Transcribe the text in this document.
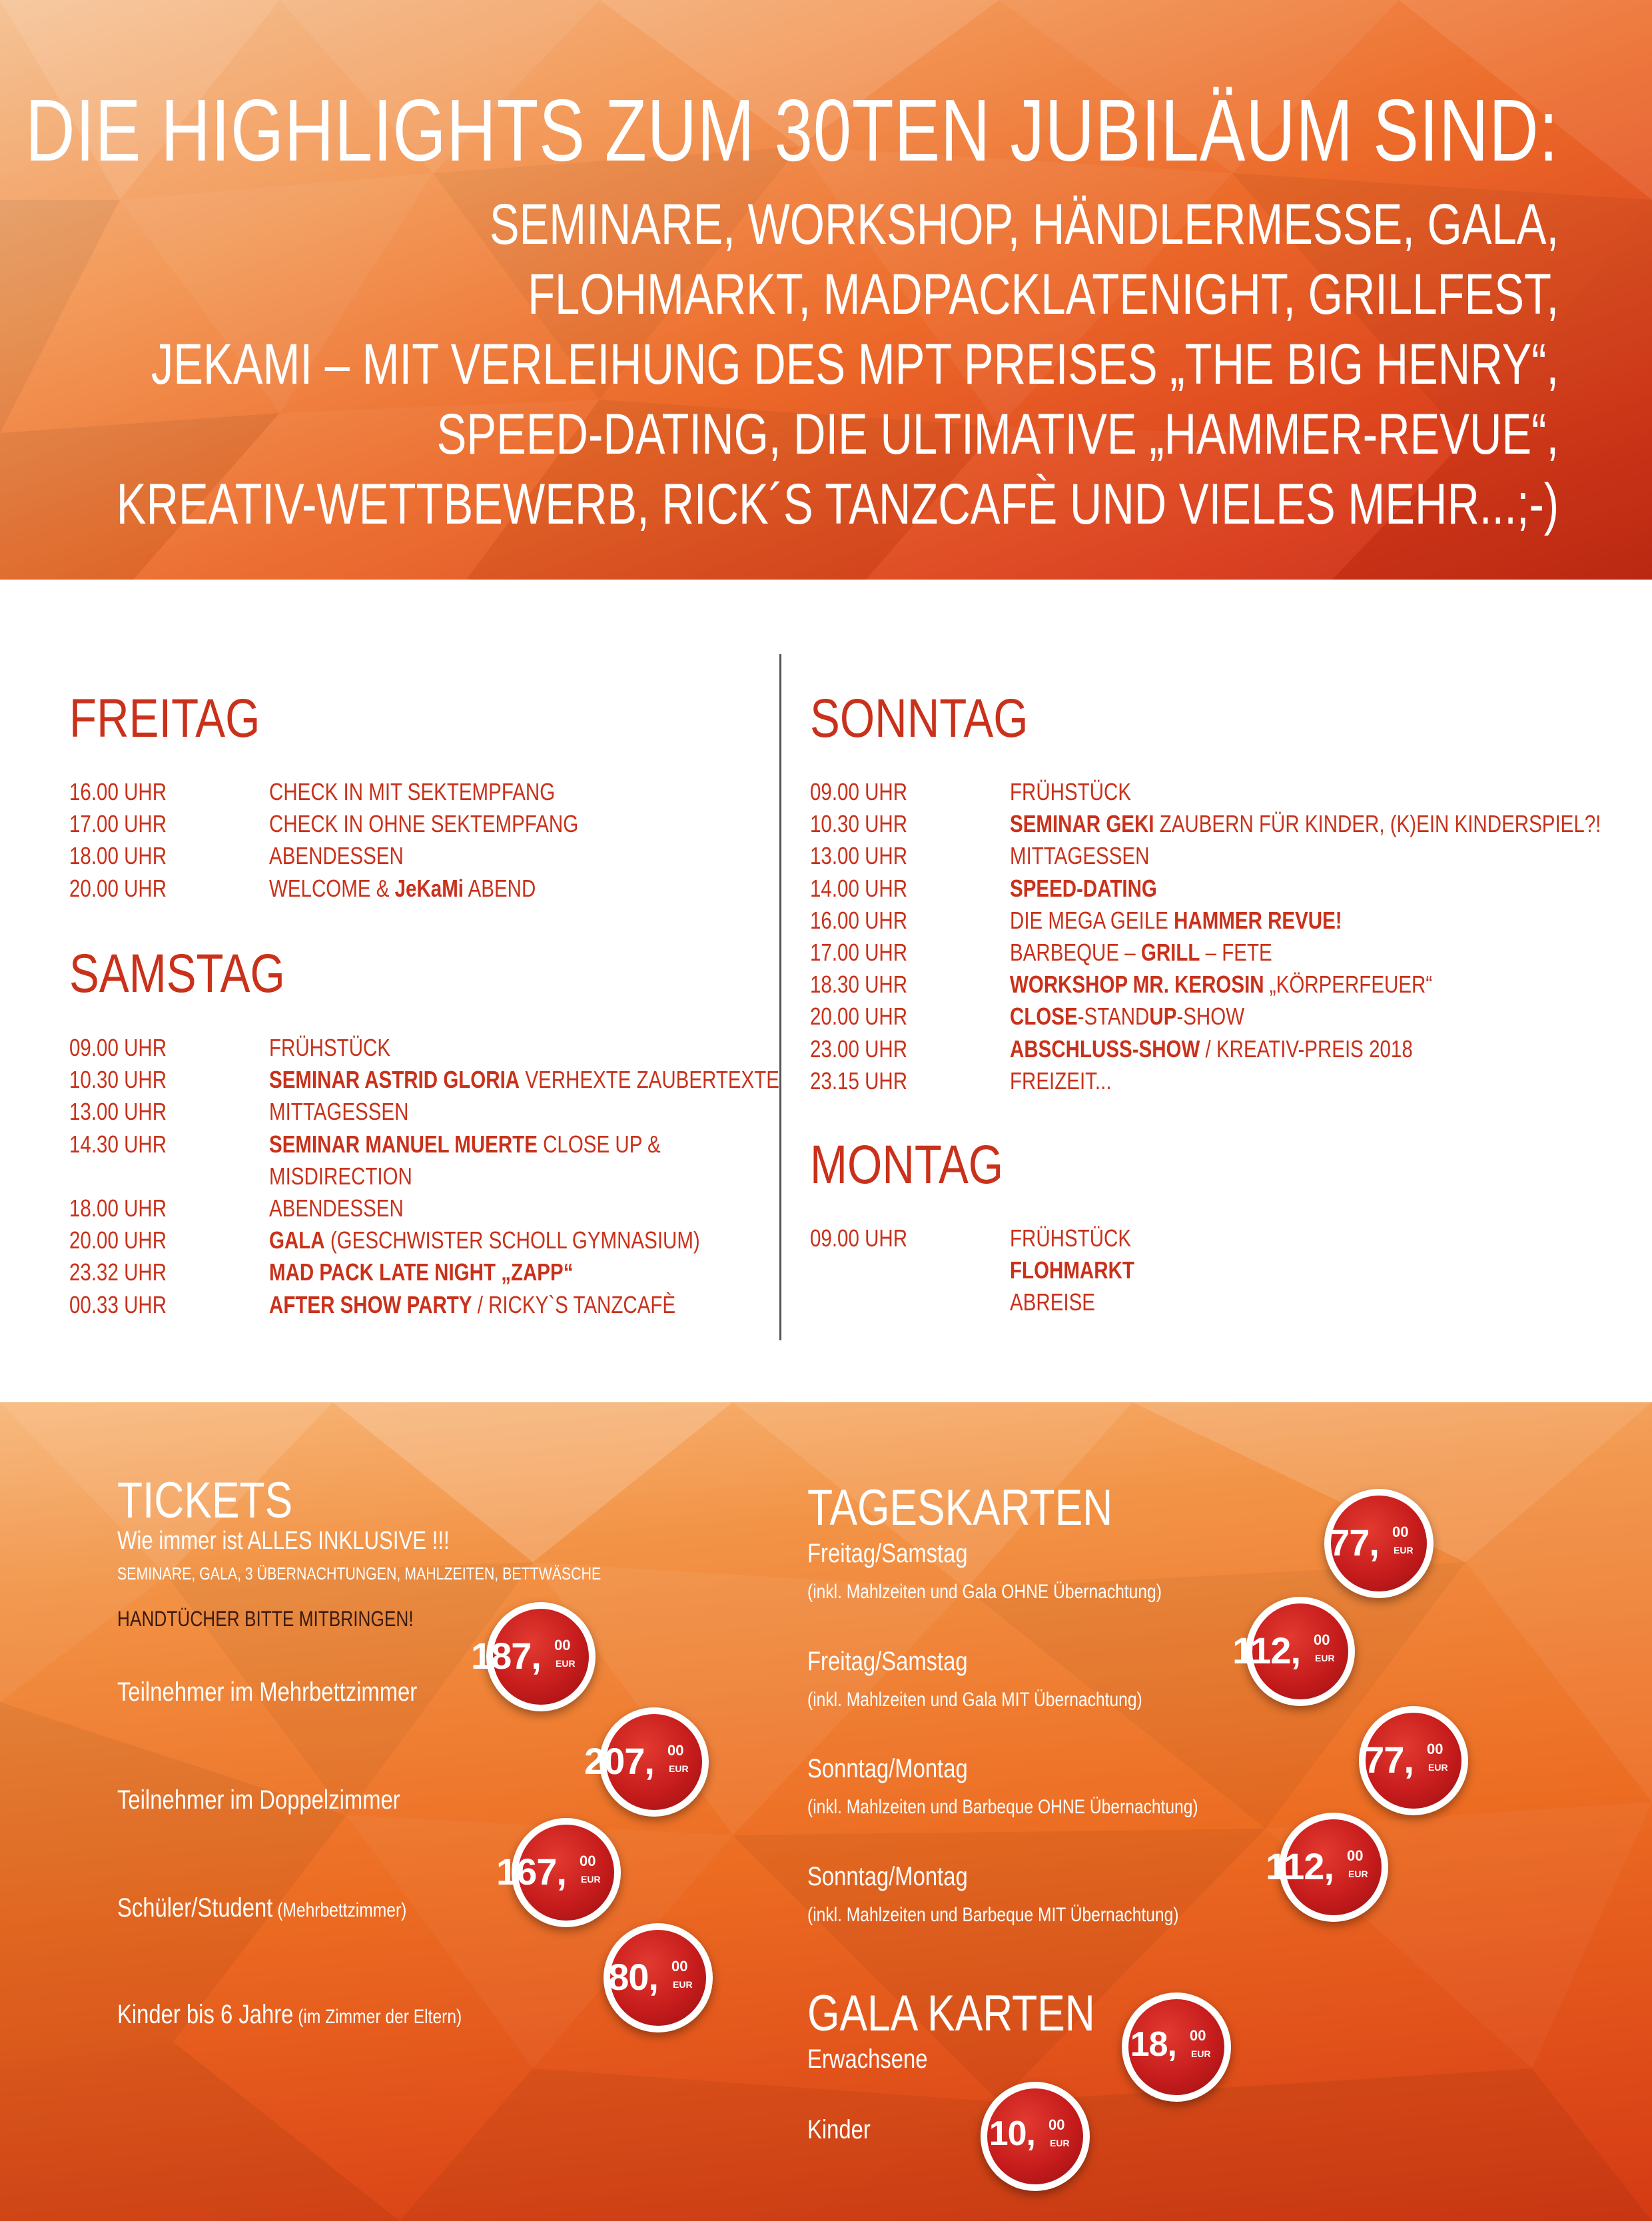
DIE HIGHLIGHTS ZUM 30TEN JUBILÄUM SIND:
SEMINARE, WORKSHOP, HÄNDLERMESSE, GALA,
FLOHMARKT, MADPACKLATENIGHT, GRILLFEST,
JEKAMI – MIT VERLEIHUNG DES MPT PREISES „THE BIG HENRY“,
SPEED-DATING, DIE ULTIMATIVE „HAMMER-REVUE“,
KREATIV-WETTBEWERB, RICK´S TANZCAFÈ UND VIELES MEHR...;-)
FREITAG
16.00 UHR	CHECK IN MIT SEKTEMPFANG
17.00 UHR	CHECK IN OHNE SEKTEMPFANG
18.00 UHR	ABENDESSEN
20.00 UHR	WELCOME & JeKaMi ABEND
SAMSTAG
09.00 UHR	FRÜHSTÜCK
10.30 UHR	SEMINAR ASTRID GLORIA VERHEXTE ZAUBERTEXTE
13.00 UHR	MITTAGESSEN
14.30 UHR	SEMINAR MANUEL MUERTE CLOSE UP &
MISDIRECTION
18.00 UHR	ABENDESSEN
20.00 UHR	GALA (GESCHWISTER SCHOLL GYMNASIUM)
23.32 UHR	MAD PACK LATE NIGHT „ZAPP“
00.33 UHR	AFTER SHOW PARTY / RICKY`S TANZCAFÈ
SONNTAG
09.00 UHR	FRÜHSTÜCK
10.30 UHR	SEMINAR GEKI ZAUBERN FÜR KINDER, (K)EIN KINDERSPIEL?!
13.00 UHR	MITTAGESSEN
14.00 UHR	SPEED-DATING
16.00 UHR	DIE MEGA GEILE HAMMER REVUE!
17.00 UHR	BARBEQUE – GRILL – FETE
18.30 UHR	WORKSHOP MR. KEROSIN „KÖRPERFEUER“
20.00 UHR	CLOSE-STANDUP-SHOW
23.00 UHR	ABSCHLUSS-SHOW / KREATIV-PREIS 2018
23.15 UHR	FREIZEIT...
MONTAG
09.00 UHR	FRÜHSTÜCK
FLOHMARKT
ABREISE
TICKETS
Wie immer ist ALLES INKLUSIVE !!!
SEMINARE, GALA, 3 ÜBERNACHTUNGEN, MAHLZEITEN, BETTWÄSCHE
HANDTÜCHER BITTE MITBRINGEN!
Teilnehmer im Mehrbettzimmer
187, 00
EUR
Teilnehmer im Doppelzimmer
207, 00
EUR
Schüler/Student (Mehrbettzimmer)
167, 00
EUR
Kinder bis 6 Jahre (im Zimmer der Eltern)
80, 00
EUR
TAGESKARTEN
Freitag/Samstag
(inkl. Mahlzeiten und Gala OHNE Übernachtung)
77, 00
EUR
Freitag/Samstag
(inkl. Mahlzeiten und Gala MIT Übernachtung)
112, 00
EUR
Sonntag/Montag
(inkl. Mahlzeiten und Barbeque OHNE Übernachtung)
77, 00
EUR
Sonntag/Montag
(inkl. Mahlzeiten und Barbeque MIT Übernachtung)
112, 00
EUR
GALA KARTEN
Erwachsene	18, 00
EUR
Kinder	10, 00
EUR
